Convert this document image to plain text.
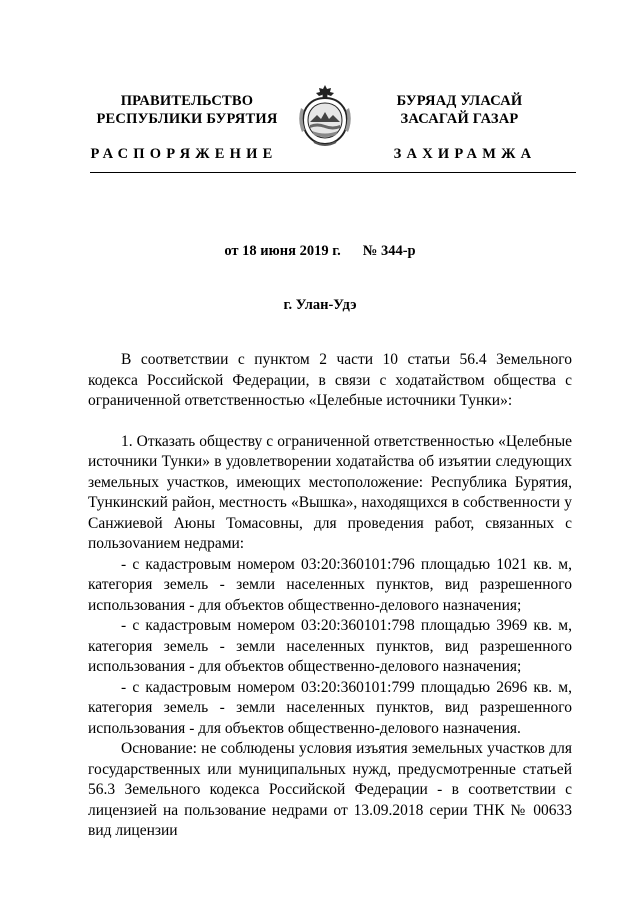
ПРАВИТЕЛЬСТВО
РЕСПУБЛИКИ БУРЯТИЯ
БУРЯАД УЛАСАЙ
ЗАСАГАЙ ГАЗАР
РАСПОРЯЖЕНИЕ	ЗАХИРАМЖА
от 18 июня 2019 г. № 344-р
г. Улан-Удэ

В соответствии с пунктом 2 части 10 статьи 56.4 Земельного кодекса Российской Федерации, в связи с ходатайством общества с ограниченной ответственностью «Целебные источники Тунки»:

1. Отказать обществу с ограниченной ответственностью «Целебные источники Тунки» в удовлетворении ходатайства об изъятии следующих земельных участков, имеющих местоположение: Республика Бурятия, Тункинский район, местность «Вышка», находящихся в собственности у Санжиевой Аюны Томасовны, для проведения работ, связанных с пользоvанием недрами:

- с кадастровым номером 03:20:360101:796 площадью 1021 кв. м, категория земель - земли населенных пунктов, вид разрешенного использования - для объектов общественно-делового назначения;

- с кадастровым номером 03:20:360101:798 площадью 3969 кв. м, категория земель - земли населенных пунктов, вид разрешенного использования - для объектов общественно-делового назначения;

- с кадастровым номером 03:20:360101:799 площадью 2696 кв. м, категория земель - земли населенных пунктов, вид разрешенного использования - для объектов общественно-делового назначения.

Основание: не соблюдены условия изъятия земельных участков для государственных или муниципальных нужд, предусмотренные статьей 56.3 Земельного кодекса Российской Федерации - в соответствии с лицензией на пользование недрами от 13.09.2018 серии ТНК № 00633 вид лицензии
